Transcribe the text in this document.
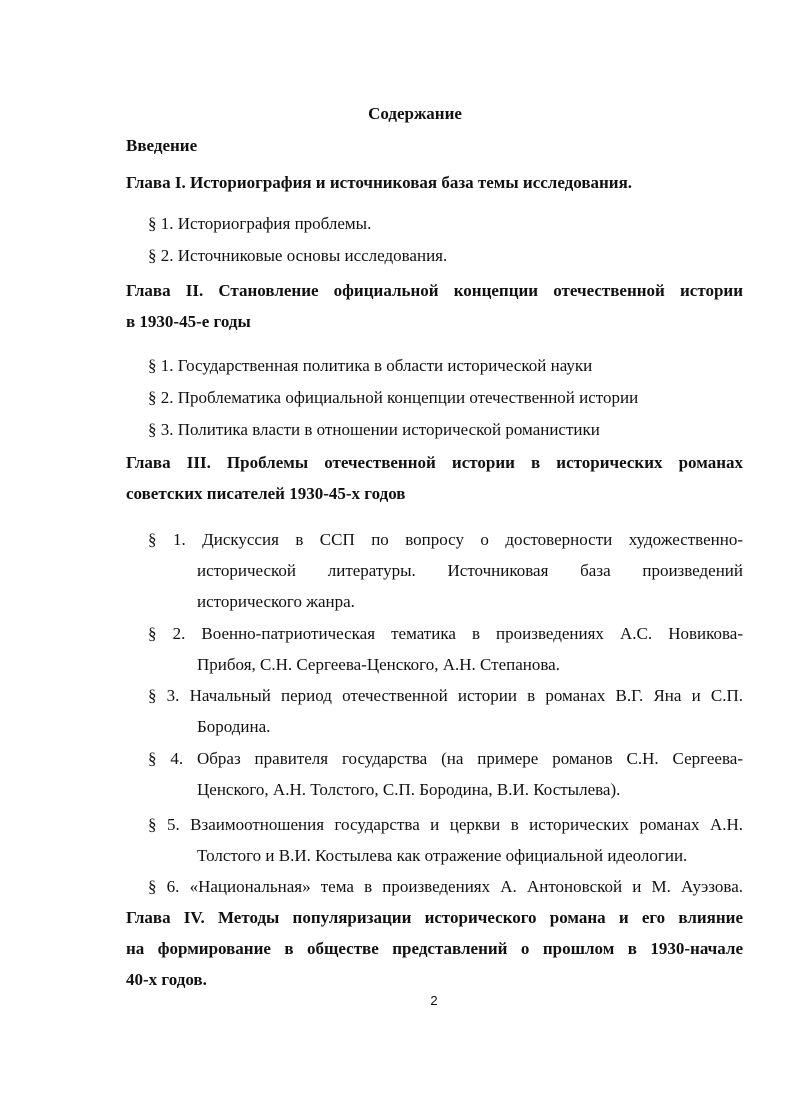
Содержание
Введение
Глава I. Историография и источниковая база темы исследования.
§ 1. Историография проблемы.
§ 2. Источниковые основы исследования.
Глава II. Становление официальной концепции отечественной истории
в 1930-45-е годы
§ 1. Государственная политика в области исторической науки
§ 2. Проблематика официальной концепции отечественной истории
§ 3. Политика власти в отношении исторической романистики
Глава III. Проблемы отечественной истории в исторических романах
советских писателей 1930-45-х годов
§ 1. Дискуссия в ССП по вопросу о достоверности художественно-
исторической литературы. Источниковая база произведений
исторического жанра.
§ 2. Военно-патриотическая тематика в произведениях А.С. Новикова-
Прибоя, С.Н. Сергеева-Ценского, А.Н. Степанова.
§ 3. Начальный период отечественной истории в романах В.Г. Яна и С.П.
Бородина.
§ 4. Образ правителя государства (на примере романов С.Н. Сергеева-
Ценского, А.Н. Толстого, С.П. Бородина, В.И. Костылева).
§ 5. Взаимоотношения государства и церкви в исторических романах А.Н.
Толстого и В.И. Костылева как отражение официальной идеологии.
§ 6. «Национальная» тема в произведениях А. Антоновской и М. Ауэзова.
Глава IV. Методы популяризации исторического романа и его влияние
на формирование в обществе представлений о прошлом в 1930-начале
40-х годов.
2
